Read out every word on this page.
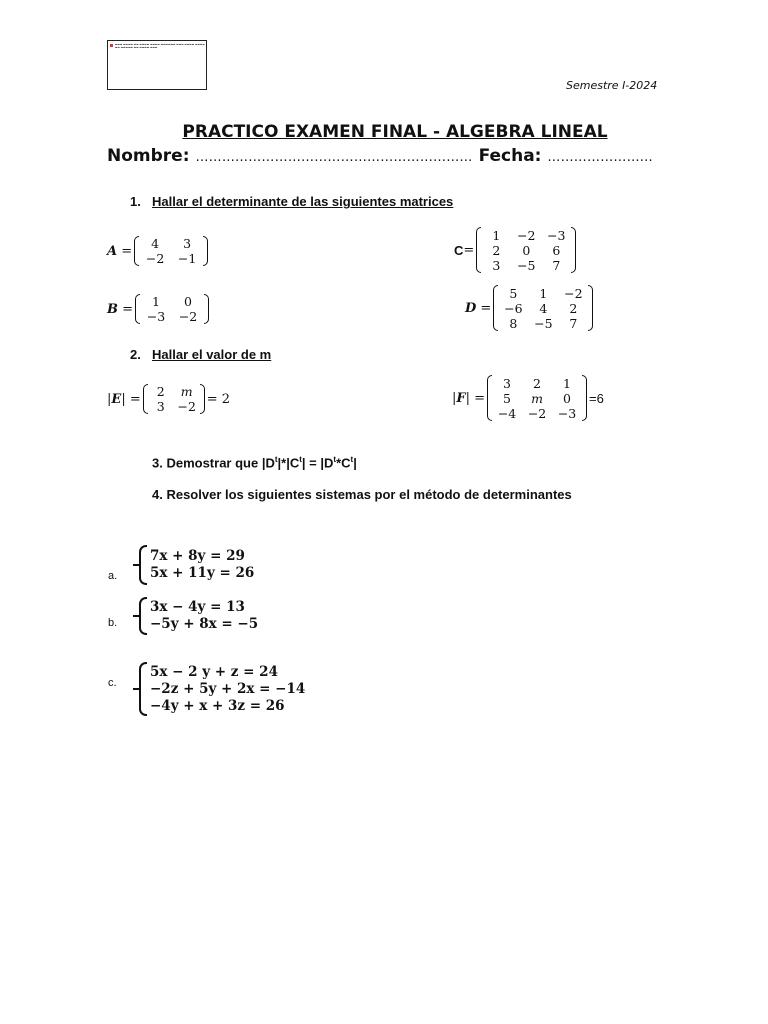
▬▬▬ ▬▬▬▬ ▬▬ ▬▬▬▬ ▬▬▬▬ ▬▬▬▬▬▬ ▬▬▬ ▬▬▬▬ ▬▬▬▬ ▬▬ ▬▬▬▬▬ ▬▬ ▬▬▬▬ ▬▬▬
Semestre I-2024
PRACTICO EXAMEN FINAL - ALGEBRA LINEAL
Nombre: ……………………………………………………… Fecha: …………………...
1. Hallar el determinante de las siguientes matrices
A =	4	3
−2	−1
C =
1	−2 −3
2	0	6
3	−5	7
B =	1	0
−3	−2
D =
5	1	−2
−6	4	2
8	−5	7
2. Hallar el valor de m
| E | =	2	m
3	−2 = 2	| F | =
3	2	1
5	m	0
−4 −2 −3
=6
3. Demostrar que $|D^t|*|C^t| = |D^t*C^t|$
4. Resolver los siguientes sistemas por el método de determinantes
a.
7x + 8y = 29
5x + 11y = 26
b.
3x − 4y = 13
−5y + 8x = −5
c.
5x − 2 y + z = 24
−2z + 5y + 2x = −14
−4y + x + 3z = 26
